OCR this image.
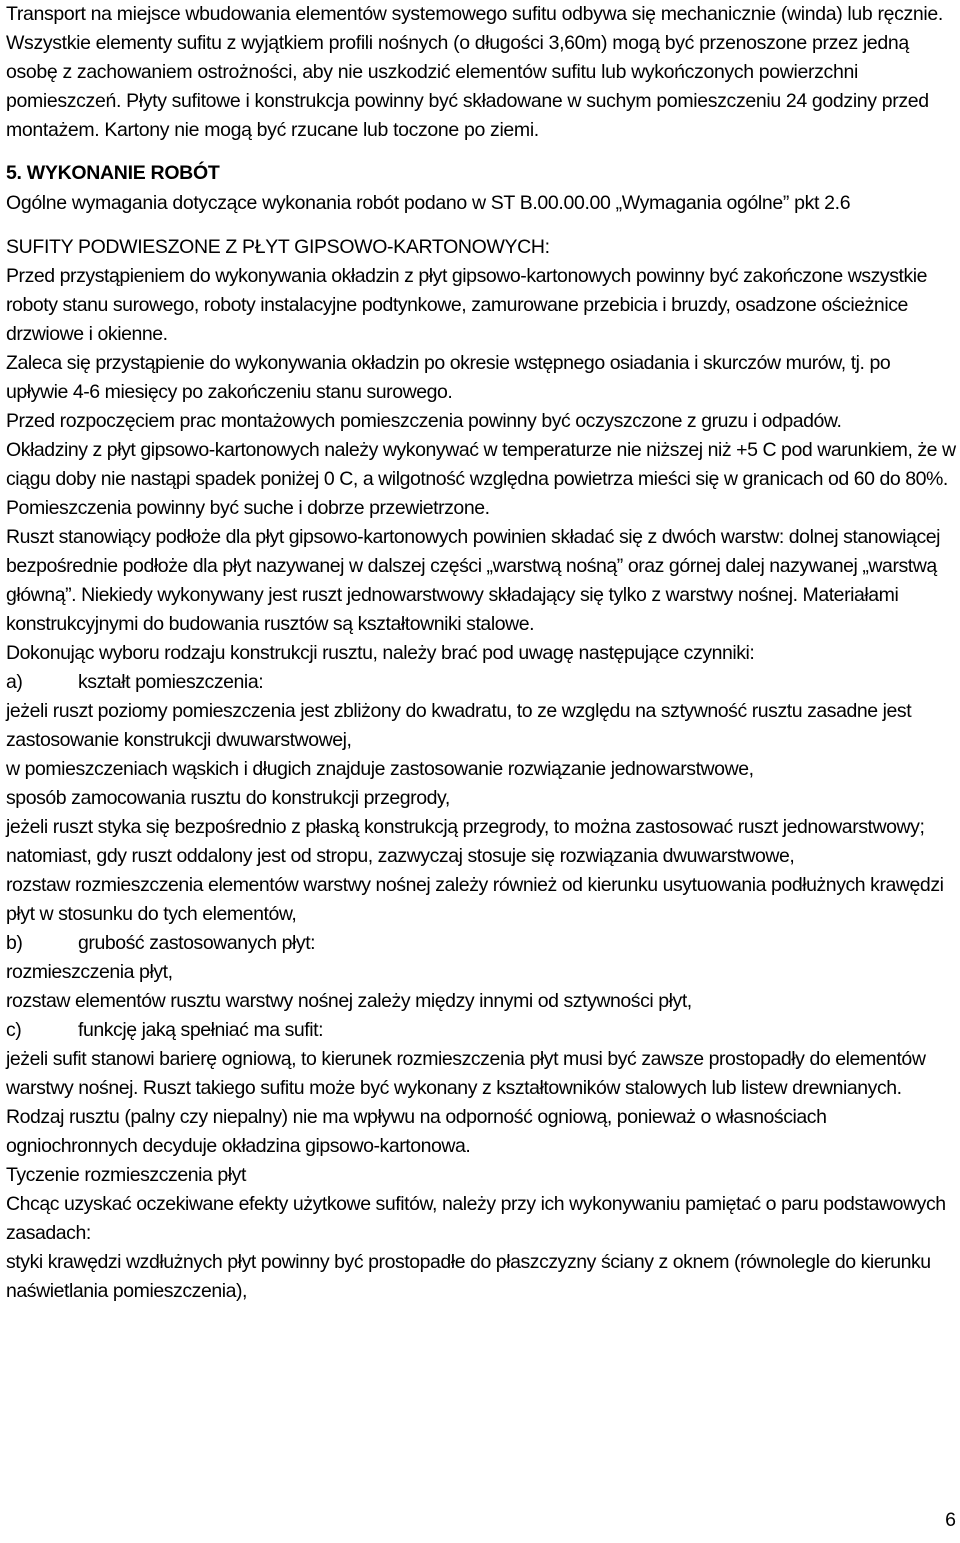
Transport na miejsce wbudowania elementów systemowego sufitu odbywa się mechanicznie (winda) lub ręcznie. Wszystkie elementy sufitu z wyjątkiem profili nośnych (o długości 3,60m) mogą być przenoszone przez jedną osobę z zachowaniem ostrożności, aby nie uszkodzić elementów sufitu lub wykończonych powierzchni pomieszczeń. Płyty sufitowe i konstrukcja powinny być składowane w suchym pomieszczeniu 24 godziny przed montażem. Kartony nie mogą być rzucane lub toczone po ziemi.

5. WYKONANIE ROBÓT

Ogólne wymagania dotyczące wykonania robót podano w ST B.00.00.00 „Wymagania ogólne” pkt 2.6

SUFITY PODWIESZONE Z PŁYT GIPSOWO-KARTONOWYCH:

Przed przystąpieniem do wykonywania okładzin z płyt gipsowo-kartonowych powinny być zakończone wszystkie roboty stanu surowego, roboty instalacyjne podtynkowe, zamurowane przebicia i bruzdy, osadzone ościeżnice drzwiowe i okienne.

Zaleca się przystąpienie do wykonywania okładzin po okresie wstępnego osiadania i skurczów murów, tj. po upływie 4-6 miesięcy po zakończeniu stanu surowego.

Przed rozpoczęciem prac montażowych pomieszczenia powinny być oczyszczone z gruzu i odpadów.

Okładziny z płyt gipsowo-kartonowych należy wykonywać w temperaturze nie niższej niż +5 C pod warunkiem, że w ciągu doby nie nastąpi spadek poniżej 0 C, a wilgotność względna powietrza mieści się w granicach od 60 do 80%.

Pomieszczenia powinny być suche i dobrze przewietrzone.

Ruszt stanowiący podłoże dla płyt gipsowo-kartonowych powinien składać się z dwóch warstw: dolnej stanowiącej bezpośrednie podłoże dla płyt nazywanej w dalszej części „warstwą nośną” oraz górnej dalej nazywanej „warstwą główną”. Niekiedy wykonywany jest ruszt jednowarstwowy składający się tylko z warstwy nośnej. Materiałami konstrukcyjnymi do budowania rusztów są kształtowniki stalowe.

Dokonując wyboru rodzaju konstrukcji rusztu, należy brać pod uwagę następujące czynniki:

a)	kształt pomieszczenia:

jeżeli ruszt poziomy pomieszczenia jest zbliżony do kwadratu, to ze względu na sztywność rusztu zasadne jest zastosowanie konstrukcji dwuwarstwowej,

w pomieszczeniach wąskich i długich znajduje zastosowanie rozwiązanie jednowarstwowe,

sposób zamocowania rusztu do konstrukcji przegrody,

jeżeli ruszt styka się bezpośrednio z płaską konstrukcją przegrody, to można zastosować ruszt jednowarstwowy; natomiast, gdy ruszt oddalony jest od stropu, zazwyczaj stosuje się rozwiązania dwuwarstwowe,

rozstaw rozmieszczenia elementów warstwy nośnej zależy również od kierunku usytuowania podłużnych krawędzi płyt w stosunku do tych elementów,

b)	grubość zastosowanych płyt:

rozmieszczenia płyt,

rozstaw elementów rusztu warstwy nośnej zależy między innymi od sztywności płyt,

c)	funkcję jaką spełniać ma sufit:

jeżeli sufit stanowi barierę ogniową, to kierunek rozmieszczenia płyt musi być zawsze prostopadły do elementów warstwy nośnej. Ruszt takiego sufitu może być wykonany z kształtowników stalowych lub listew drewnianych. Rodzaj rusztu (palny czy niepalny) nie ma wpływu na odporność ogniową, ponieważ o własnościach ogniochronnych decyduje okładzina gipsowo-kartonowa.

Tyczenie rozmieszczenia płyt

Chcąc uzyskać oczekiwane efekty użytkowe sufitów, należy przy ich wykonywaniu pamiętać o paru podstawowych zasadach:

styki krawędzi wzdłużnych płyt powinny być prostopadłe do płaszczyzny ściany z oknem (równolegle do kierunku naświetlania pomieszczenia),

6
